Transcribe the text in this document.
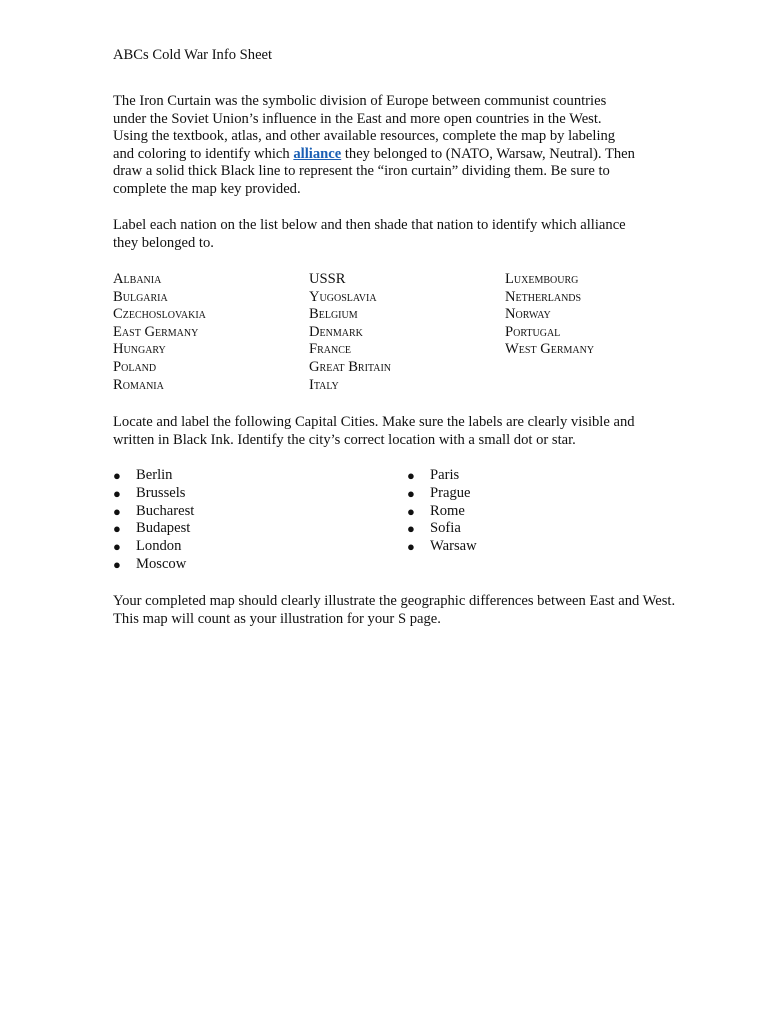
ABCs Cold War Info Sheet
The Iron Curtain was the symbolic division of Europe between communist countries
under the Soviet Union’s influence in the East and more open countries in the West.
Using the textbook, atlas, and other available resources, complete the map by labeling
and coloring to identify which alliance they belonged to (NATO, Warsaw, Neutral). Then
draw a solid thick Black line to represent the “iron curtain” dividing them. Be sure to
complete the map key provided.
Label each nation on the list below and then shade that nation to identify which alliance
they belonged to.
Albania
Bulgaria
Czechoslovakia
East Germany
Hungary
Poland
Romania
USSR
Yugoslavia
Belgium
Denmark
France
Great Britain
Italy
Luxembourg
Netherlands
Norway
Portugal
West Germany
Locate and label the following Capital Cities. Make sure the labels are clearly visible and
written in Black Ink. Identify the city’s correct location with a small dot or star.
● Berlin
● Brussels
● Bucharest
● Budapest
● London
● Moscow
● Paris
● Prague
● Rome
● Sofia
● Warsaw
Your completed map should clearly illustrate the geographic differences between East and West.
This map will count as your illustration for your S page.
